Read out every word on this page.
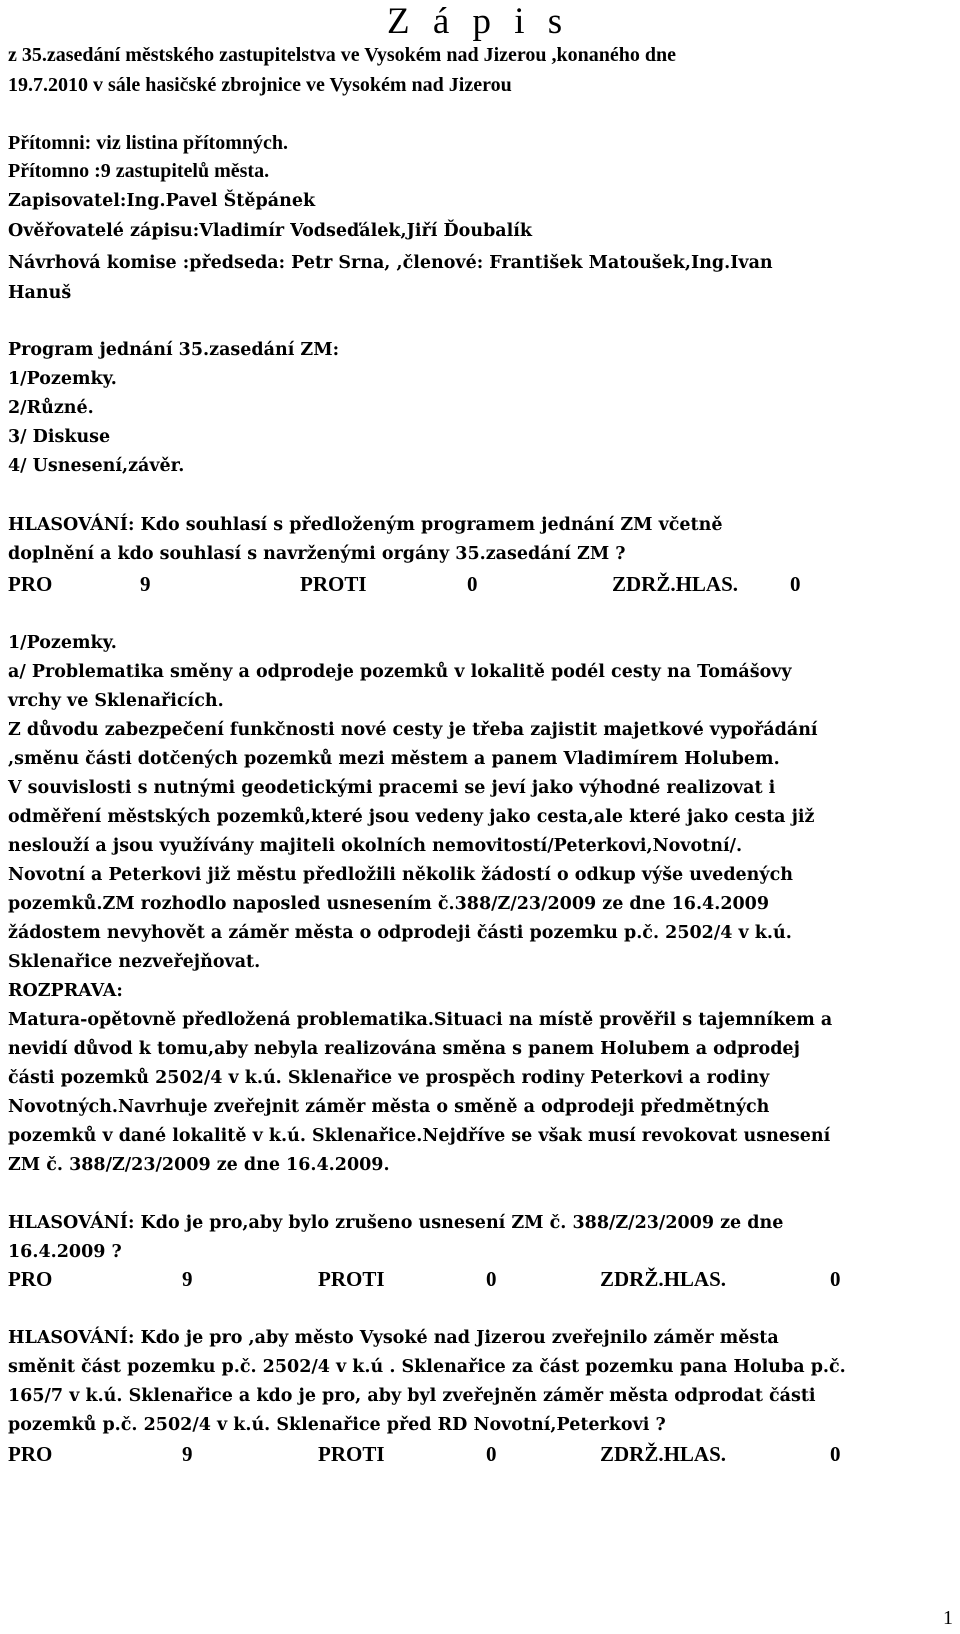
Z á p i s
z 35.zasedání městského zastupitelstva ve Vysokém nad Jizerou ,konaného dne
19.7.2010 v sále hasičské zbrojnice ve Vysokém nad Jizerou
Přítomni: viz listina přítomných.
Přítomno :9 zastupitelů města.
Zapisovatel:Ing.Pavel Štěpánek
Ověřovatelé zápisu:Vladimír Vodseďálek,Jiří Ďoubalík
Návrhová komise :předseda: Petr Srna, ,členové: František Matoušek,Ing.Ivan
Hanuš
Program jednání 35.zasedání ZM:
1/Pozemky.
2/Různé.
3/ Diskuse
4/ Usnesení,závěr.
HLASOVÁNÍ: Kdo souhlasí s předloženým programem jednání ZM včetně
doplnění a kdo souhlasí s navrženými orgány 35.zasedání ZM ?
PRO	9	PROTI	0	ZDRŽ.HLAS. 0
1/Pozemky.
a/ Problematika směny a odprodeje pozemků v lokalitě podél cesty na Tomášovy
vrchy ve Sklenařicích.
Z důvodu zabezpečení funkčnosti nové cesty je třeba zajistit majetkové vypořádání
,směnu části dotčených pozemků mezi městem a panem Vladimírem Holubem.
V souvislosti s nutnými geodetickými pracemi se jeví jako výhodné realizovat i
odměření městských pozemků,které jsou vedeny jako cesta,ale které jako cesta již
neslouží a jsou využívány majiteli okolních nemovitostí/Peterkovi,Novotní/.
Novotní a Peterkovi již městu předložili několik žádostí o odkup výše uvedených
pozemků.ZM rozhodlo naposled usnesením č.388/Z/23/2009 ze dne 16.4.2009
žádostem nevyhovět a záměr města o odprodeji části pozemku p.č. 2502/4 v k.ú.
Sklenařice nezveřejňovat.
ROZPRAVA:
Matura-opětovně předložená problematika.Situaci na místě prověřil s tajemníkem a
nevidí důvod k tomu,aby nebyla realizována směna s panem Holubem a odprodej
části pozemků 2502/4 v k.ú. Sklenařice ve prospěch rodiny Peterkovi a rodiny
Novotných.Navrhuje zveřejnit záměr města o směně a odprodeji předmětných
pozemků v dané lokalitě v k.ú. Sklenařice.Nejdříve se však musí revokovat usnesení
ZM č. 388/Z/23/2009 ze dne 16.4.2009.
HLASOVÁNÍ: Kdo je pro,aby bylo zrušeno usnesení ZM č. 388/Z/23/2009 ze dne
16.4.2009 ?
PRO	9	PROTI	0	ZDRŽ.HLAS.	0
HLASOVÁNÍ: Kdo je pro ,aby město Vysoké nad Jizerou zveřejnilo záměr města
směnit část pozemku p.č. 2502/4 v k.ú . Sklenařice za část pozemku pana Holuba p.č.
165/7 v k.ú. Sklenařice a kdo je pro, aby byl zveřejněn záměr města odprodat části
pozemků p.č. 2502/4 v k.ú. Sklenařice před RD Novotní,Peterkovi ?
PRO	9	PROTI	0	ZDRŽ.HLAS.	0
1
